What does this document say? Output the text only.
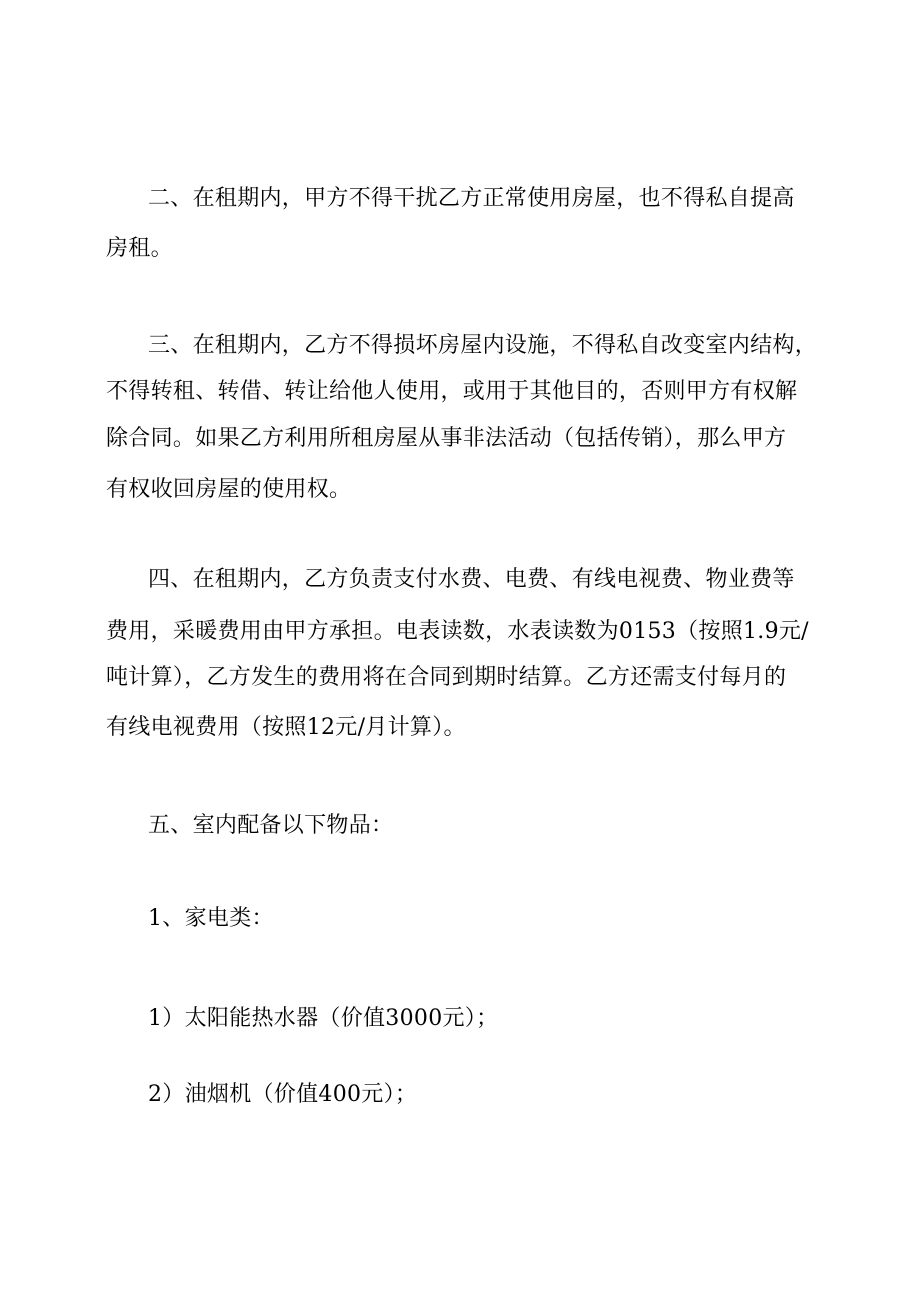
二、在租期内，甲方不得干扰乙方正常使用房屋，也不得私自提高
房租。
三、在租期内，乙方不得损坏房屋内设施，不得私自改变室内结构，
不得转租、转借、转让给他人使用，或用于其他目的，否则甲方有权解
除合同。如果乙方利用所租房屋从事非法活动（包括传销），那么甲方
有权收回房屋的使用权。
四、在租期内，乙方负责支付水费、电费、有线电视费、物业费等
费用，采暖费用由甲方承担。电表读数，水表读数为0153（按照1.9元/
吨计算），乙方发生的费用将在合同到期时结算。乙方还需支付每月的
有线电视费用（按照12元/月计算）。
五、室内配备以下物品：
1、家电类：
1）太阳能热水器（价值3000元）；
2）油烟机（价值400元）；
